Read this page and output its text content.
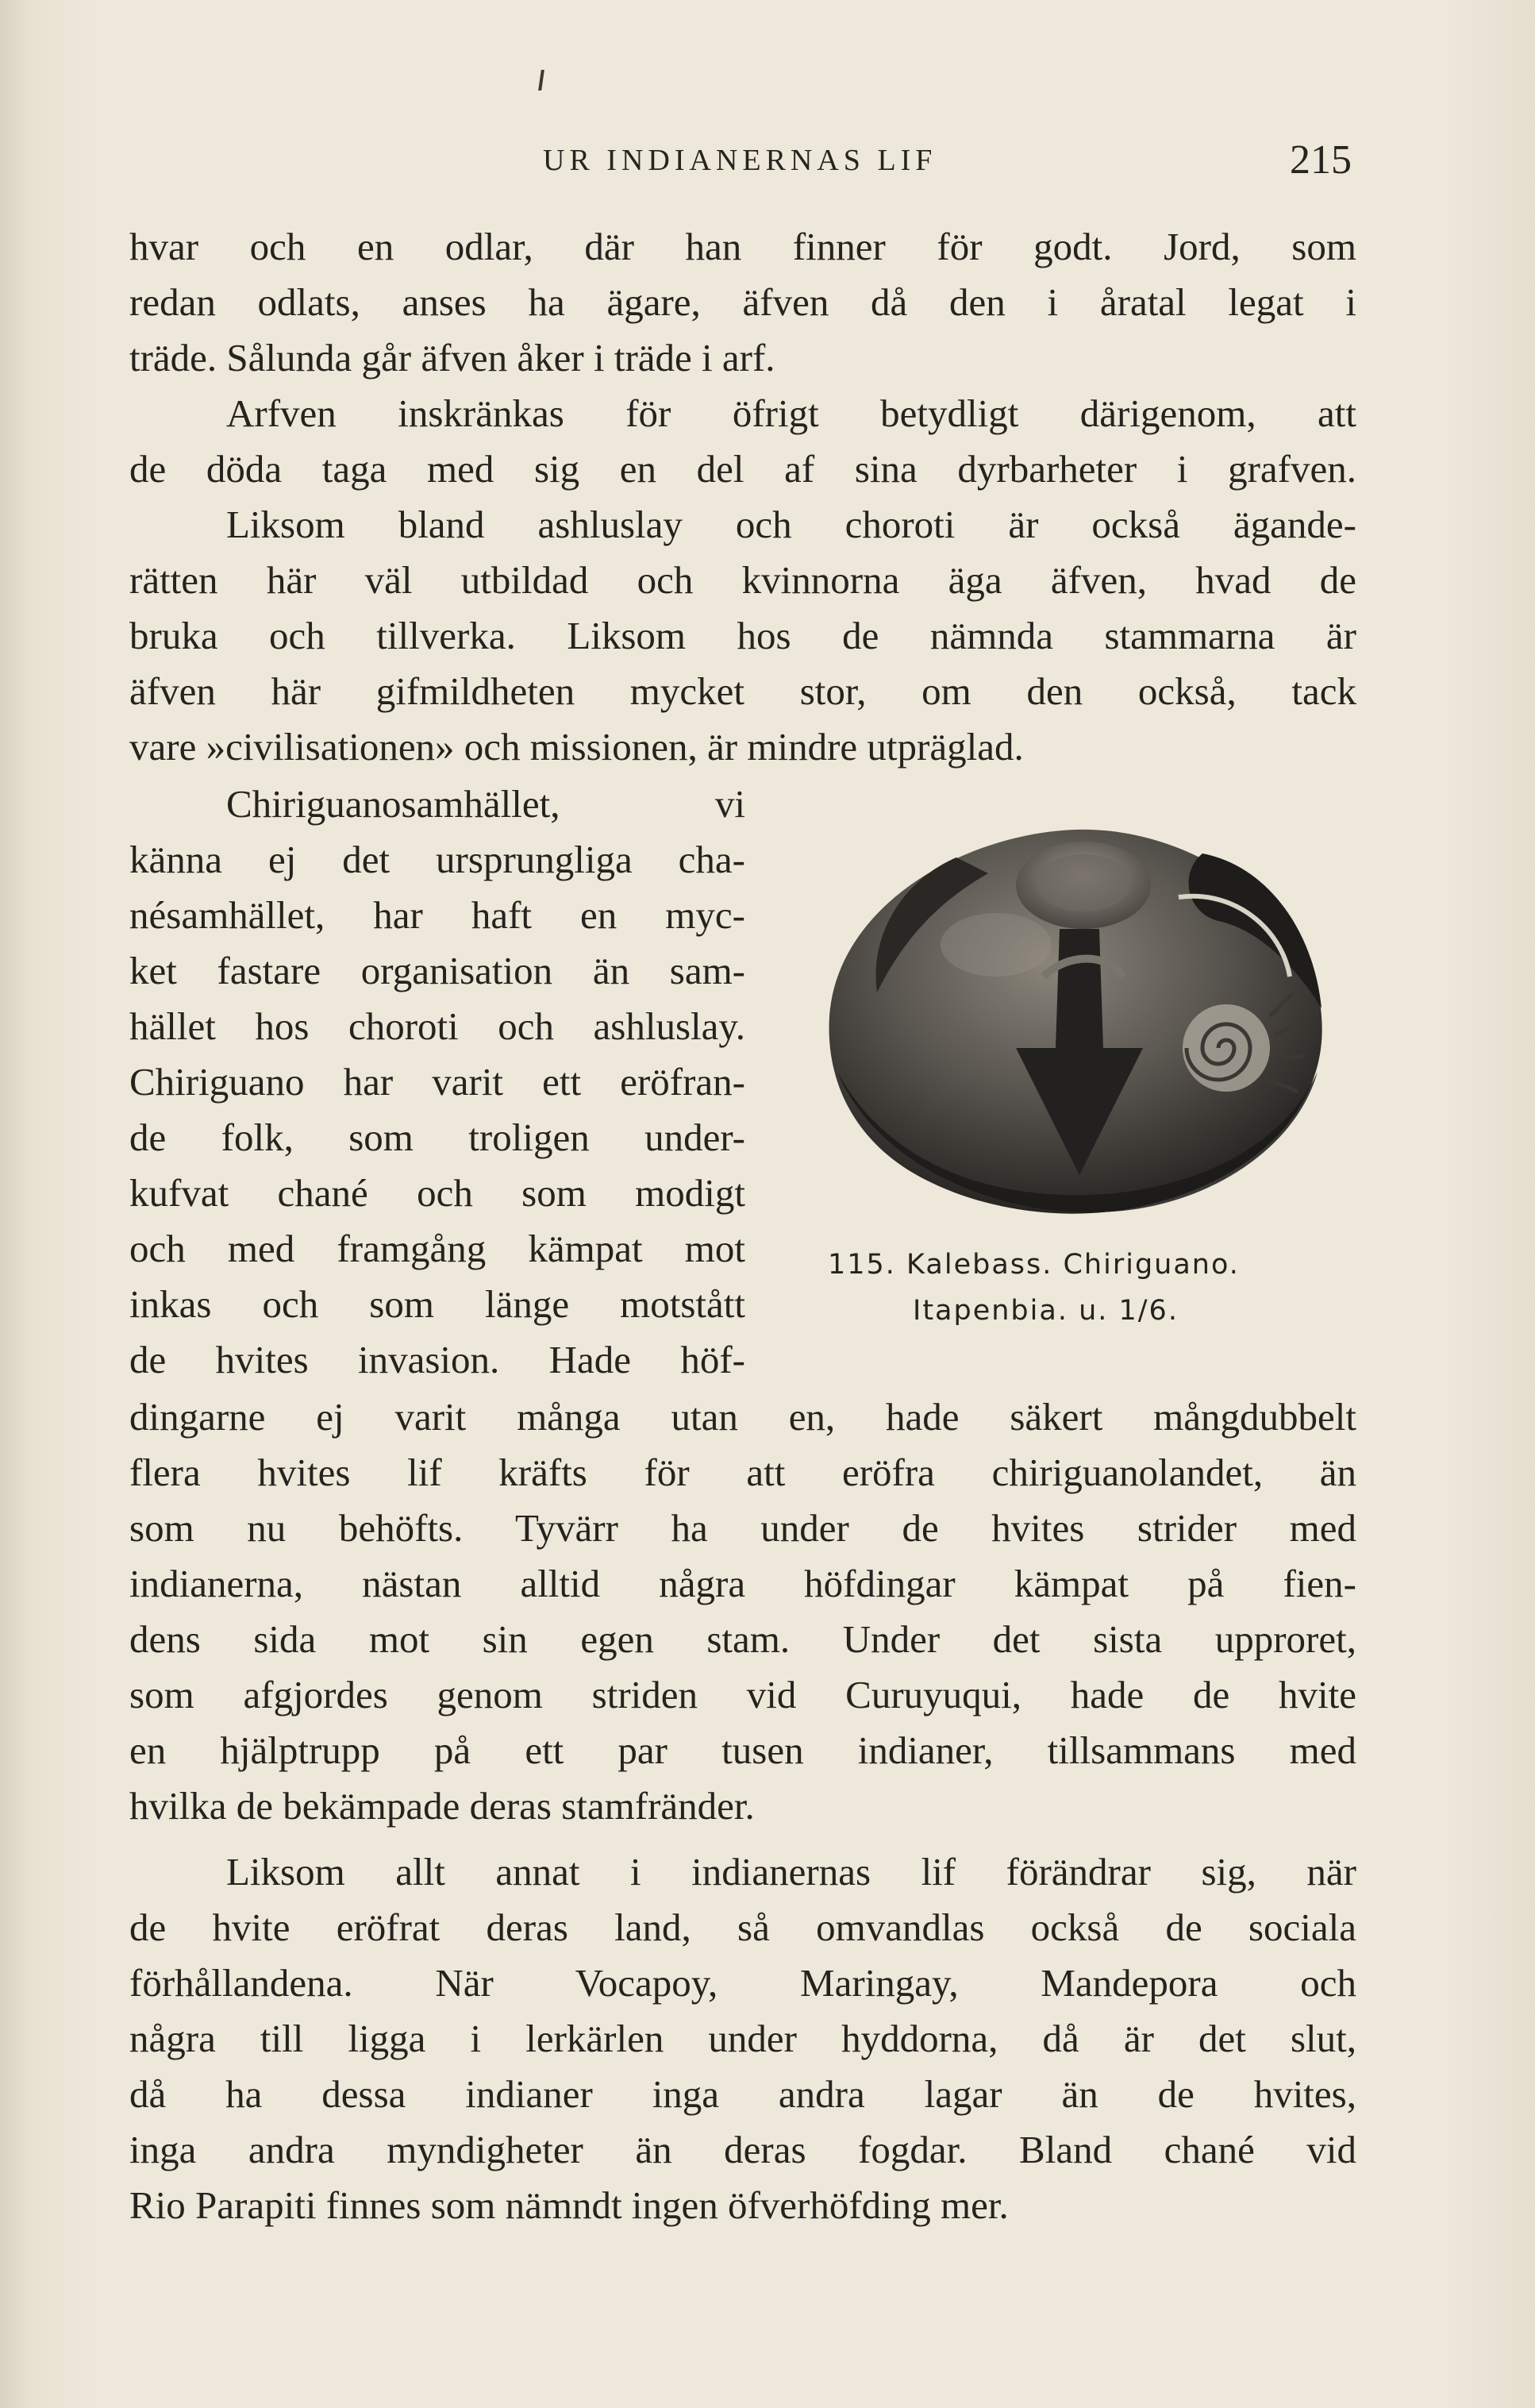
UR INDIANERNAS LIF	215
hvar och en odlar, där han finner för godt. Jord, som
redan odlats, anses ha ägare, äfven då den i åratal legat i
träde. Sålunda går äfven åker i träde i arf.
Arfven inskränkas för öfrigt betydligt därigenom, att
de döda taga med sig en del af sina dyrbarheter i grafven.
Liksom bland ashluslay och choroti är också ägande-
rätten här väl utbildad och kvinnorna äga äfven, hvad de
bruka och tillverka. Liksom hos de nämnda stammarna är
äfven här gifmildheten mycket stor, om den också, tack
vare »civilisationen» och missionen, är mindre utpräglad.
Chiriguanosamhället, vi
känna ej det ursprungliga cha-
nésamhället, har haft en myc-
ket fastare organisation än sam-
hället hos choroti och ashluslay.
Chiriguano har varit ett eröfran-
de folk, som troligen under-
kufvat chané och som modigt
och med framgång kämpat mot
inkas och som länge motstått
de hvites invasion. Hade höf-
dingarne ej varit många utan en, hade säkert mångdubbelt
flera hvites lif kräfts för att eröfra chiriguanolandet, än
som nu behöfts. Tyvärr ha under de hvites strider med
indianerna, nästan alltid några höfdingar kämpat på fien-
dens sida mot sin egen stam. Under det sista upproret,
som afgjordes genom striden vid Curuyuqui, hade de hvite
en hjälptrupp på ett par tusen indianer, tillsammans med
hvilka de bekämpade deras stamfränder.
Liksom allt annat i indianernas lif förändrar sig, när
de hvite eröfrat deras land, så omvandlas också de sociala
förhållandena. När Vocapoy, Maringay, Mandepora och
några till ligga i lerkärlen under hyddorna, då är det slut,
då ha dessa indianer inga andra lagar än de hvites,
inga andra myndigheter än deras fogdar. Bland chané vid
Rio Parapiti finnes som nämndt ingen öfverhöfding mer.
115. Kalebass. Chiriguano.
Itapenbia. u. 1/6.
